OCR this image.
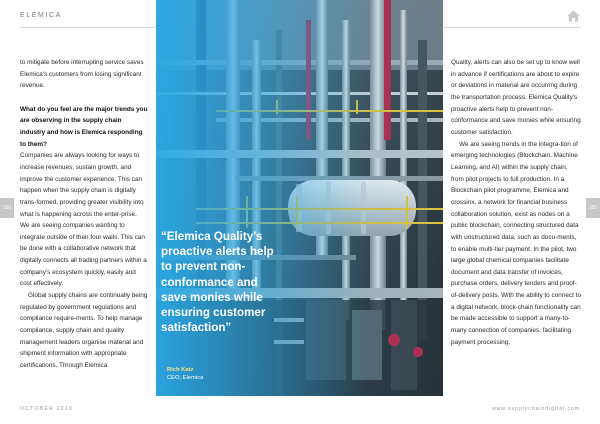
ELEMICA

to mitigate before interrupting service saves Elemica's customers from losing significant revenue.

What do you feel are the major trends you are observing in the supply chain industry and how is Elemica responding to them?

Companies are always looking for ways to increase revenues, sustain growth, and improve the customer experience. This can happen when the supply chain is digitally trans-formed, providing greater visibility into what is happening across the enter-prise. We are seeing companies wanting to integrate outside of their four walls. This can be done with a collaborative network that digitally connects all trading partners within a company's ecosystem quickly, easily and cost effectively.

Global supply chains are continually being regulated by government regulations and compliance require-ments. To help manage compliance, supply chain and quality management leaders organise material and shipment information with appropriate certifications. Through Elemica

“Elemica Quality’s proactive alerts help to prevent non-conformance and save monies while ensuring customer satisfaction”
Rich Katz
CEO, Elemica

Quality, alerts can also be set up to know well in advance if certifications are about to expire or deviations in material are occurring during the transportation process. Elemica Quality's proactive alerts help to prevent non-conformance and save monies while ensuring customer satisfaction.

We are seeing trends in the integra-tion of emerging technologies (Blockchain, Machine Learning, and AI) within the supply chain, from pilot projects to full production. In a Blockchain pilot programme, Elemica and crossinx, a network for financial business collaboration solution, exist as nodes on a public blockchain, connecting structured data with unstructured data, such as docu-ments, to enable multi-tier payment. In the pilot, two large global chemical companies facilitate document and data transfer of invoices, purchase orders, delivery tenders and proof-of-delivery posts. With the ability to connect to a digital network, block-chain functionality can be made accessible to support a many-to-many connection of companies, facilitating payment processing.

100	101
OCTOBER 2019	www.supplychaindigital.com
